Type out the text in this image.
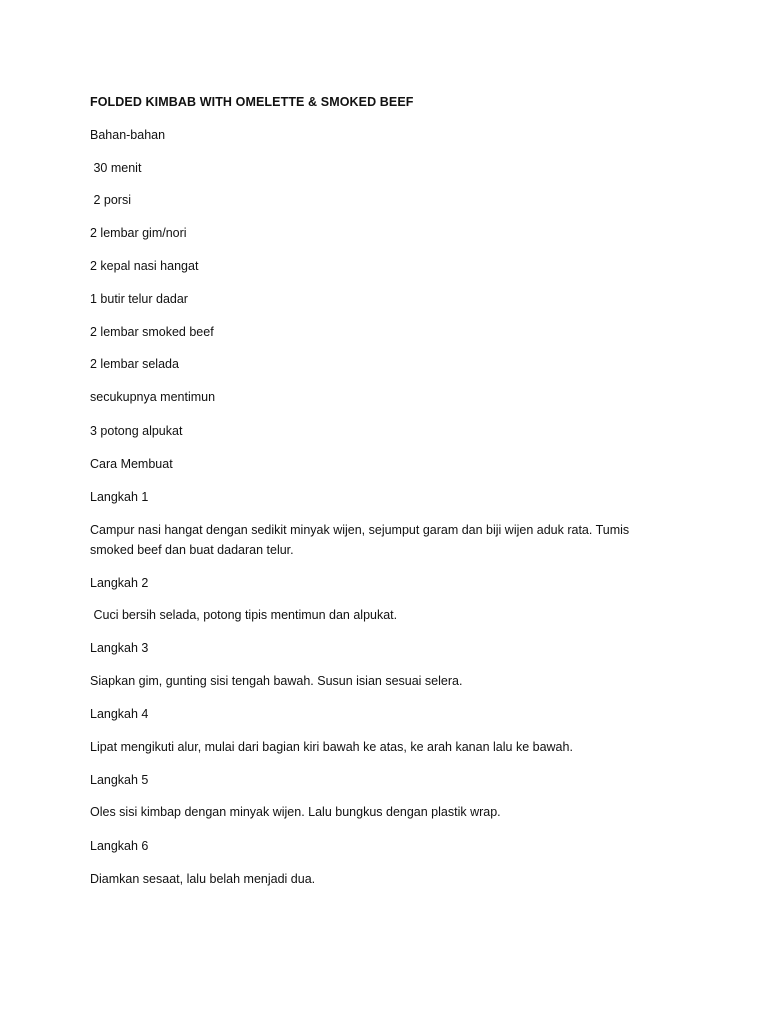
FOLDED KIMBAB WITH OMELETTE & SMOKED BEEF

Bahan-bahan

30 menit

2 porsi

2 lembar gim/nori

2 kepal nasi hangat

1 butir telur dadar

2 lembar smoked beef

2 lembar selada

secukupnya mentimun

3 potong alpukat

Cara Membuat

Langkah 1

Campur nasi hangat dengan sedikit minyak wijen, sejumput garam dan biji wijen aduk rata. Tumis

smoked beef dan buat dadaran telur.

Langkah 2

Cuci bersih selada, potong tipis mentimun dan alpukat.

Langkah 3

Siapkan gim, gunting sisi tengah bawah. Susun isian sesuai selera.

Langkah 4

Lipat mengikuti alur, mulai dari bagian kiri bawah ke atas, ke arah kanan lalu ke bawah.

Langkah 5

Oles sisi kimbap dengan minyak wijen. Lalu bungkus dengan plastik wrap.

Langkah 6

Diamkan sesaat, lalu belah menjadi dua.
